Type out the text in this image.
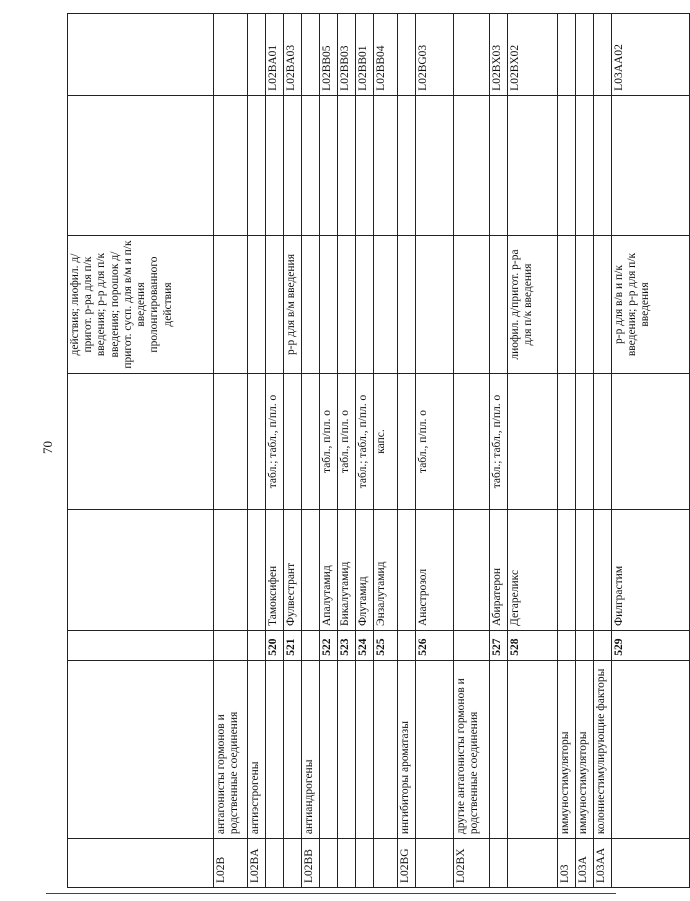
70
					действия; лиофил. д/пригот. р-ра для п/к введения; р-р для п/к введения; порошок д/пригот. сусп. для в/м и п/к введения пролонгированного действия		
L02B	антагонисты гормонов и родственные соединения						
L02BA	антиэстрогены						
		520	Тамоксифен	табл.; табл., п/пл. о			L02BA01
		521	Фулвестрант		р-р для в/м введения		L02BA03
L02BB	антиандрогены						
		522	Апалутамид	табл., п/пл. о			L02BB05
		523	Бикалутамид	табл., п/пл. о			L02BB03
		524	Флутамид	табл.; табл., п/пл. о			L02BB01
		525	Энзалутамид	капс.			L02BB04
L02BG	ингибиторы ароматазы						
		526	Анастрозол	табл., п/пл. о			L02BG03
L02BX	другие антагонисты гормонов и родственные соединения						
		527	Абиратерон	табл.; табл., п/пл. о			L02BX03
		528	Дегареликс		лиофил. д/пригот. р-ра для п/к введения		L02BX02
L03	иммуностимуляторы						
L03A	иммуностимуляторы						
L03AA	колониестимулирующие факторы						
		529	Филграстим		р-р для в/в и п/к введения; р-р для п/к введения		L03AA02
